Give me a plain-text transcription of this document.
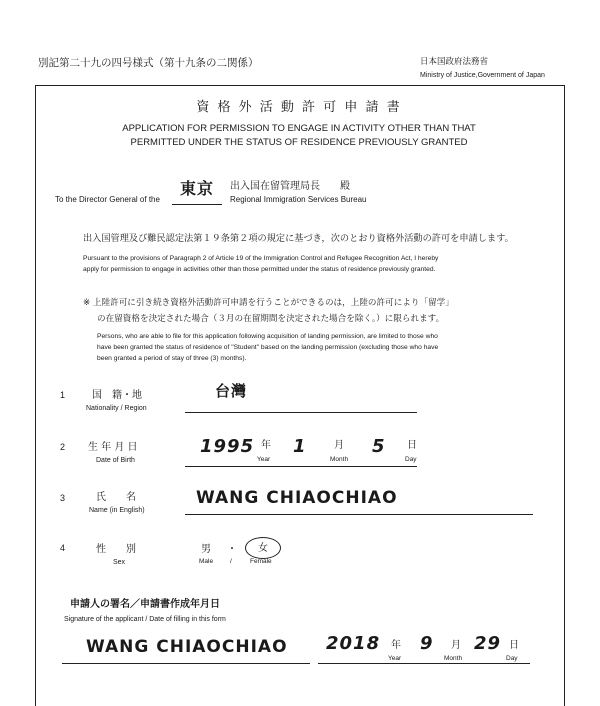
別記第二十九の四号様式（第十九条の二関係）	日本国政府法務省
Ministry of Justice,Government of Japan
資 格 外 活 動 許 可 申 請 書
APPLICATION FOR PERMISSION TO ENGAGE IN ACTIVITY OTHER THAN THAT
PERMITTED UNDER THE STATUS OF RESIDENCE PREVIOUSLY GRANTED
To the Director General of the
東京 出入国在留管理局長　　殿
Regional Immigration Services Bureau
出入国管理及び難民認定法第１９条第２項の規定に基づき，次のとおり資格外活動の許可を申請します。
Pursuant to the provisions of Paragraph 2 of Article 19 of the Immigration Control and Refugee Recognition Act, I hereby
apply for permission to engage in activities other than those permitted under the status of residence previously granted.
※ 上陸許可に引き続き資格外活動許可申請を行うことができるのは，上陸の許可により「留学」
の在留資格を決定された場合（３月の在留期間を決定された場合を除く。）に限られます。
Persons, who are able to file for this application following acquisition of landing permission, are limited to those who
have been granted the status of residence of "Student" based on the landing permission (excluding those who have
been granted a period of stay of three (3) months).
1	国　籍・地
Nationality / Region
台灣
2 生 年 月 日
Date of Birth
1995 年
Year
1	月
Month
5 日
Day
3	氏　　名
Name (in English)
WANG CHIAOCHIAO
4	性　　別
Sex
男 ・ 女
Male	/	Female
申請人の署名／申請書作成年月日
Signature of the applicant / Date of filling in this form
WANG CHIAOCHIAO 2018 年
Year
9 月
Month
29 日
Day
